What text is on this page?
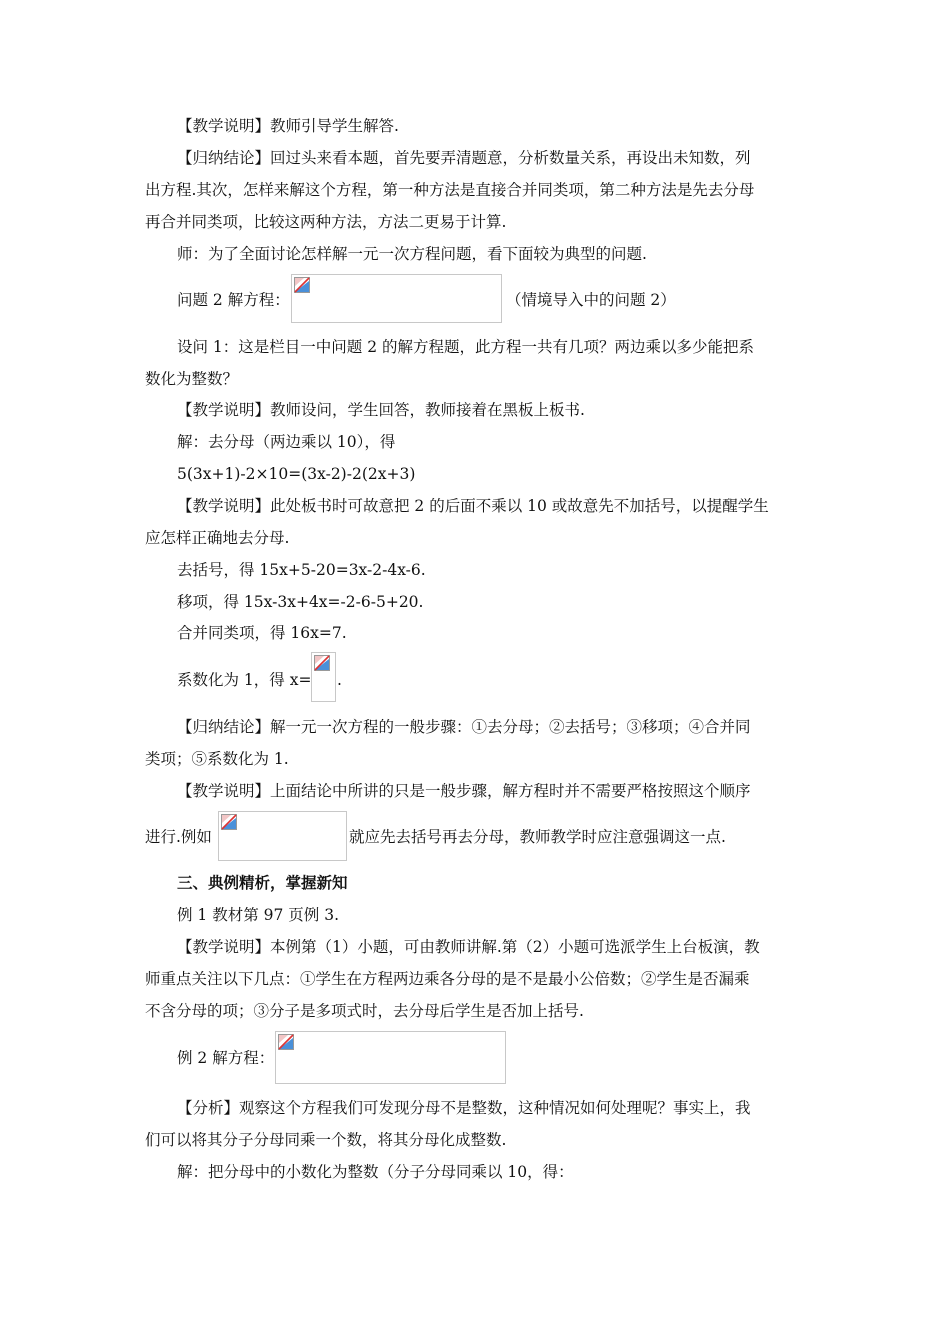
【教学说明】教师引导学生解答.
【归纳结论】回过头来看本题，首先要弄清题意，分析数量关系，再设出未知数，列
出方程.其次，怎样来解这个方程，第一种方法是直接合并同类项，第二种方法是先去分母
再合并同类项，比较这两种方法，方法二更易于计算.
师：为了全面讨论怎样解一元一次方程问题，看下面较为典型的问题.
问题 2 解方程：	（情境导入中的问题 2）
设问 1：这是栏目一中问题 2 的解方程题，此方程一共有几项？两边乘以多少能把系
数化为整数？
【教学说明】教师设问，学生回答，教师接着在黑板上板书.
解：去分母（两边乘以 10），得
5(3x+1)-2×10=(3x-2)-2(2x+3)
【教学说明】此处板书时可故意把 2 的后面不乘以 10 或故意先不加括号，以提醒学生
应怎样正确地去分母.
去括号，得 15x+5-20=3x-2-4x-6.
移项，得 15x-3x+4x=-2-6-5+20.
合并同类项，得 16x=7.
系数化为 1，得 x= .
【归纳结论】解一元一次方程的一般步骤：①去分母；②去括号；③移项；④合并同
类项；⑤系数化为 1.
【教学说明】上面结论中所讲的只是一般步骤，解方程时并不需要严格按照这个顺序
进行.例如	就应先去括号再去分母，教师教学时应注意强调这一点.
三、典例精析，掌握新知
例 1 教材第 97 页例 3.
【教学说明】本例第（1）小题，可由教师讲解.第（2）小题可选派学生上台板演，教
师重点关注以下几点：①学生在方程两边乘各分母的是不是最小公倍数；②学生是否漏乘
不含分母的项；③分子是多项式时，去分母后学生是否加上括号.
例 2 解方程：
【分析】观察这个方程我们可发现分母不是整数，这种情况如何处理呢？事实上，我
们可以将其分子分母同乘一个数，将其分母化成整数.
解：把分母中的小数化为整数（分子分母同乘以 10，得：
